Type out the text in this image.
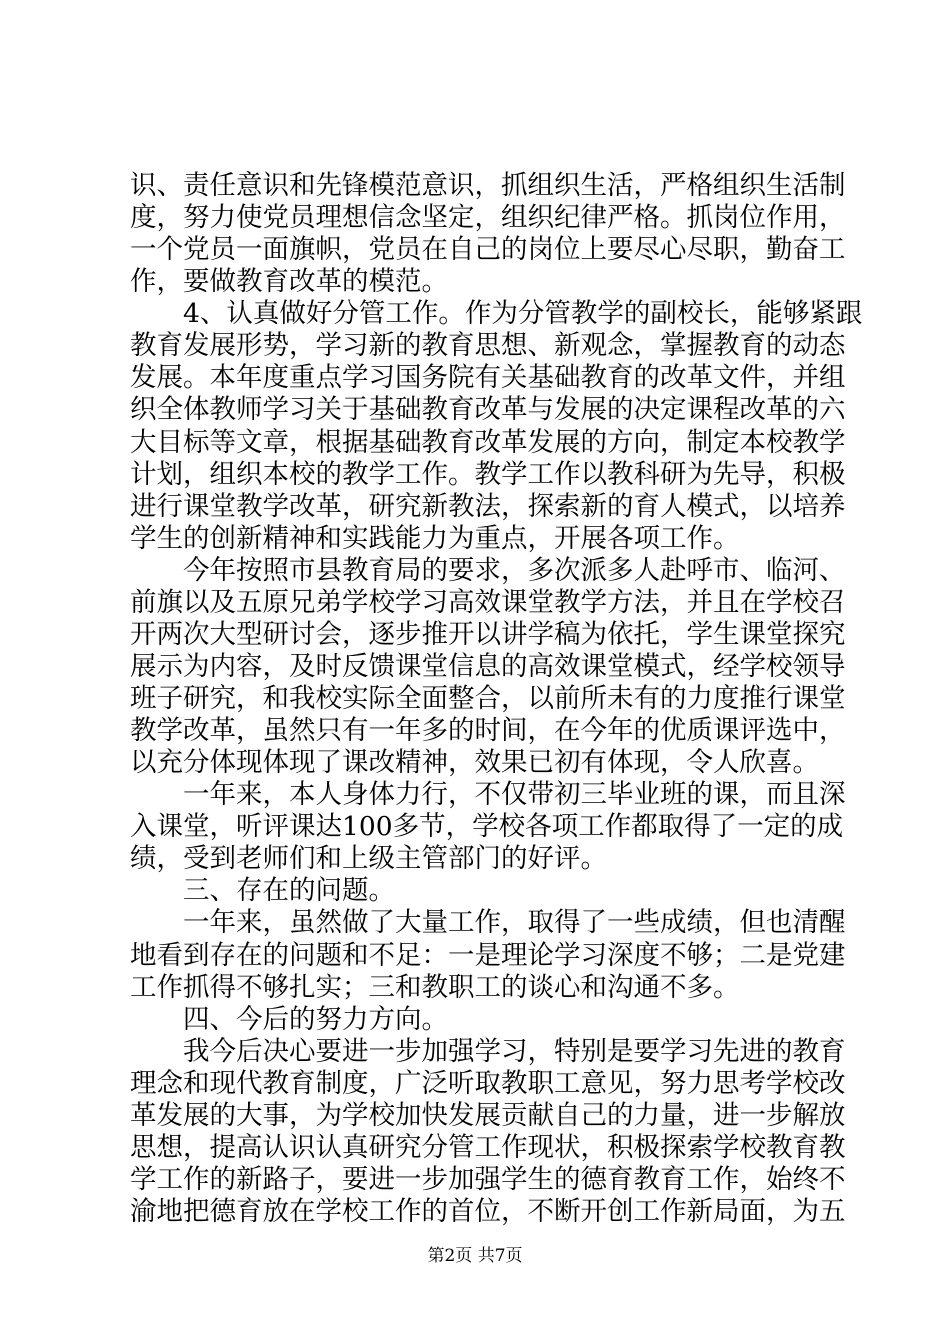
识、责任意识和先锋模范意识，抓组织生活，严格组织生活制
度，努力使党员理想信念坚定，组织纪律严格。抓岗位作用，
一个党员一面旗帜，党员在自己的岗位上要尽心尽职，勤奋工
作，要做教育改革的模范。
4、认真做好分管工作。作为分管教学的副校长，能够紧跟
教育发展形势，学习新的教育思想、新观念，掌握教育的动态
发展。本年度重点学习国务院有关基础教育的改革文件，并组
织全体教师学习关于基础教育改革与发展的决定课程改革的六
大目标等文章，根据基础教育改革发展的方向，制定本校教学
计划，组织本校的教学工作。教学工作以教科研为先导，积极
进行课堂教学改革，研究新教法，探索新的育人模式，以培养
学生的创新精神和实践能力为重点，开展各项工作。
今年按照市县教育局的要求，多次派多人赴呼市、临河、
前旗以及五原兄弟学校学习高效课堂教学方法，并且在学校召
开两次大型研讨会，逐步推开以讲学稿为依托，学生课堂探究
展示为内容，及时反馈课堂信息的高效课堂模式，经学校领导
班子研究，和我校实际全面整合，以前所未有的力度推行课堂
教学改革，虽然只有一年多的时间，在今年的优质课评选中，
以充分体现体现了课改精神，效果已初有体现，令人欣喜。
一年来，本人身体力行，不仅带初三毕业班的课，而且深
入课堂，听评课达100多节，学校各项工作都取得了一定的成
绩，受到老师们和上级主管部门的好评。
三、存在的问题。
一年来，虽然做了大量工作，取得了一些成绩，但也清醒
地看到存在的问题和不足：一是理论学习深度不够；二是党建
工作抓得不够扎实；三和教职工的谈心和沟通不多。
四、今后的努力方向。
我今后决心要进一步加强学习，特别是要学习先进的教育
理念和现代教育制度，广泛听取教职工意见，努力思考学校改
革发展的大事，为学校加快发展贡献自己的力量，进一步解放
思想，提高认识认真研究分管工作现状，积极探索学校教育教
学工作的新路子，要进一步加强学生的德育教育工作，始终不
渝地把德育放在学校工作的首位，不断开创工作新局面，为五
第2页 共7页
